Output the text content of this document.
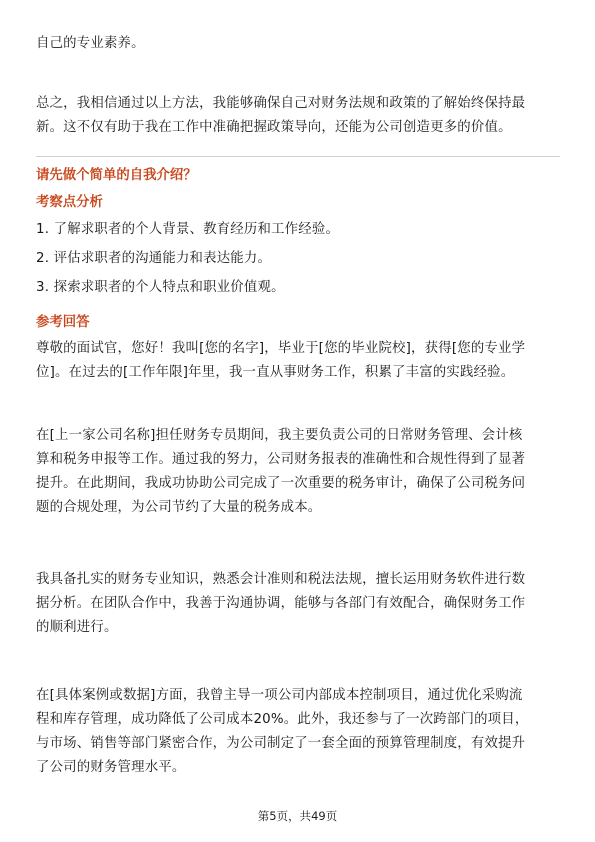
自己的专业素养。

总之，我相信通过以上方法，我能够确保自己对财务法规和政策的了解始终保持最

新。这不仅有助于我在工作中准确把握政策导向，还能为公司创造更多的价值。

请先做个简单的自我介绍？
考察点分析
1. 了解求职者的个人背景、教育经历和工作经验。
2. 评估求职者的沟通能力和表达能力。
3. 探索求职者的个人特点和职业价值观。
参考回答

尊敬的面试官，您好！我叫[您的名字]，毕业于[您的毕业院校]，获得[您的专业学

位]。在过去的[工作年限]年里，我一直从事财务工作，积累了丰富的实践经验。

在[上一家公司名称]担任财务专员期间，我主要负责公司的日常财务管理、会计核

算和税务申报等工作。通过我的努力，公司财务报表的准确性和合规性得到了显著

提升。在此期间，我成功协助公司完成了一次重要的税务审计，确保了公司税务问

题的合规处理，为公司节约了大量的税务成本。

我具备扎实的财务专业知识，熟悉会计准则和税法法规，擅长运用财务软件进行数

据分析。在团队合作中，我善于沟通协调，能够与各部门有效配合，确保财务工作

的顺利进行。

在[具体案例或数据]方面，我曾主导一项公司内部成本控制项目，通过优化采购流

程和库存管理，成功降低了公司成本20%。此外，我还参与了一次跨部门的项目，

与市场、销售等部门紧密合作，为公司制定了一套全面的预算管理制度，有效提升

了公司的财务管理水平。

第5页，共49页
